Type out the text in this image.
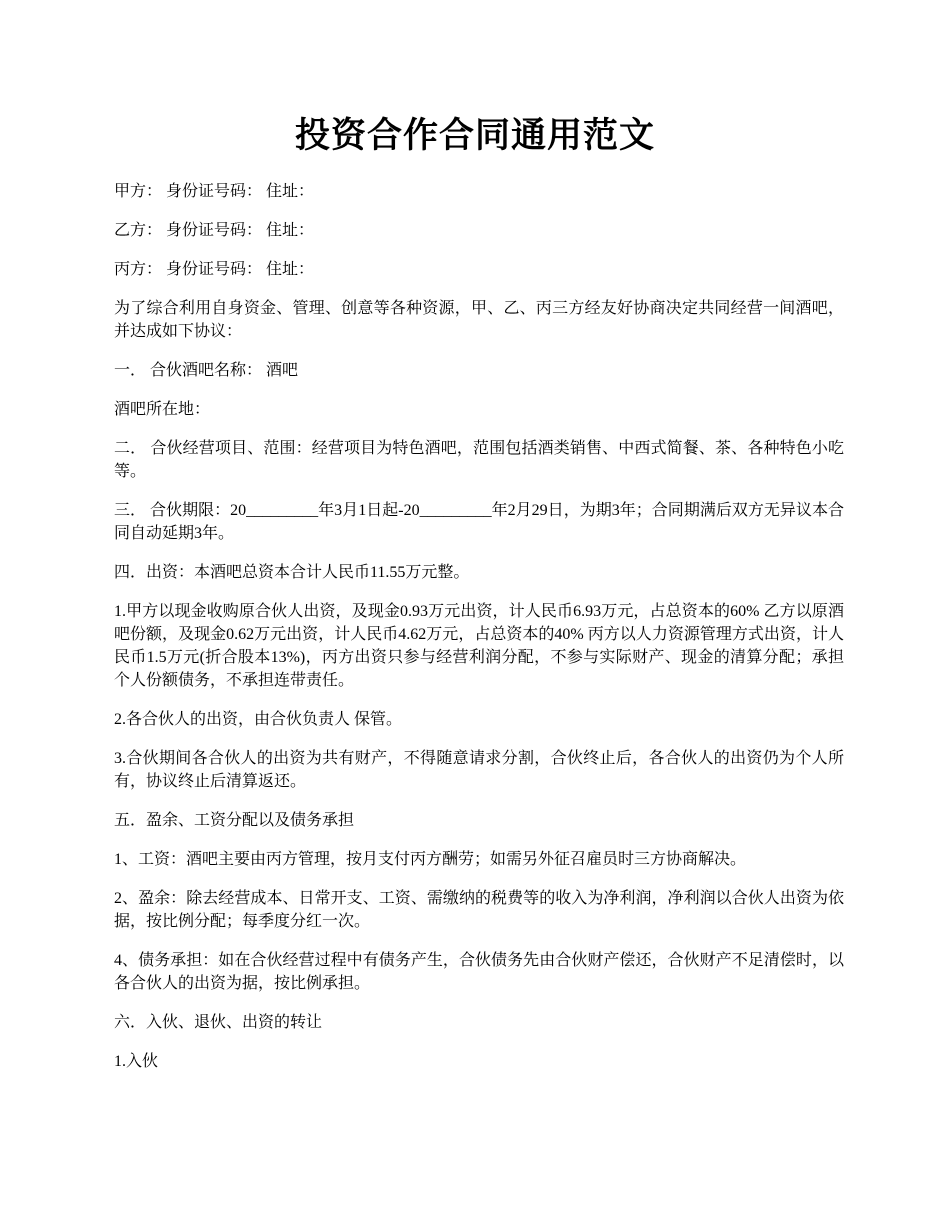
投资合作合同通用范文

甲方： 身份证号码： 住址：

乙方： 身份证号码： 住址：

丙方： 身份证号码： 住址：

为了综合利用自身资金、管理、创意等各种资源，甲、乙、丙三方经友好协商决定共同经营一间酒吧，并达成如下协议：

一． 合伙酒吧名称： 酒吧

酒吧所在地：

二． 合伙经营项目、范围：经营项目为特色酒吧，范围包括酒类销售、中西式简餐、茶、各种特色小吃等。

三． 合伙期限：20_________年3月1日起-20_________年2月29日，为期3年；合同期满后双方无异议本合同自动延期3年。

四．出资：本酒吧总资本合计人民币11.55万元整。

1.甲方以现金收购原合伙人出资，及现金0.93万元出资，计人民币6.93万元，占总资本的60% 乙方以原酒吧份额，及现金0.62万元出资，计人民币4.62万元，占总资本的40% 丙方以人力资源管理方式出资，计人民币1.5万元(折合股本13%)，丙方出资只参与经营利润分配，不参与实际财产、现金的清算分配；承担个人份额债务，不承担连带责任。

2.各合伙人的出资，由合伙负责人 保管。

3.合伙期间各合伙人的出资为共有财产，不得随意请求分割，合伙终止后，各合伙人的出资仍为个人所有，协议终止后清算返还。

五．盈余、工资分配以及债务承担

1、工资：酒吧主要由丙方管理，按月支付丙方酬劳；如需另外征召雇员时三方协商解决。

2、盈余：除去经营成本、日常开支、工资、需缴纳的税费等的收入为净利润，净利润以合伙人出资为依据，按比例分配；每季度分红一次。

4、债务承担：如在合伙经营过程中有债务产生，合伙债务先由合伙财产偿还，合伙财产不足清偿时，以各合伙人的出资为据，按比例承担。

六．入伙、退伙、出资的转让

1.入伙
